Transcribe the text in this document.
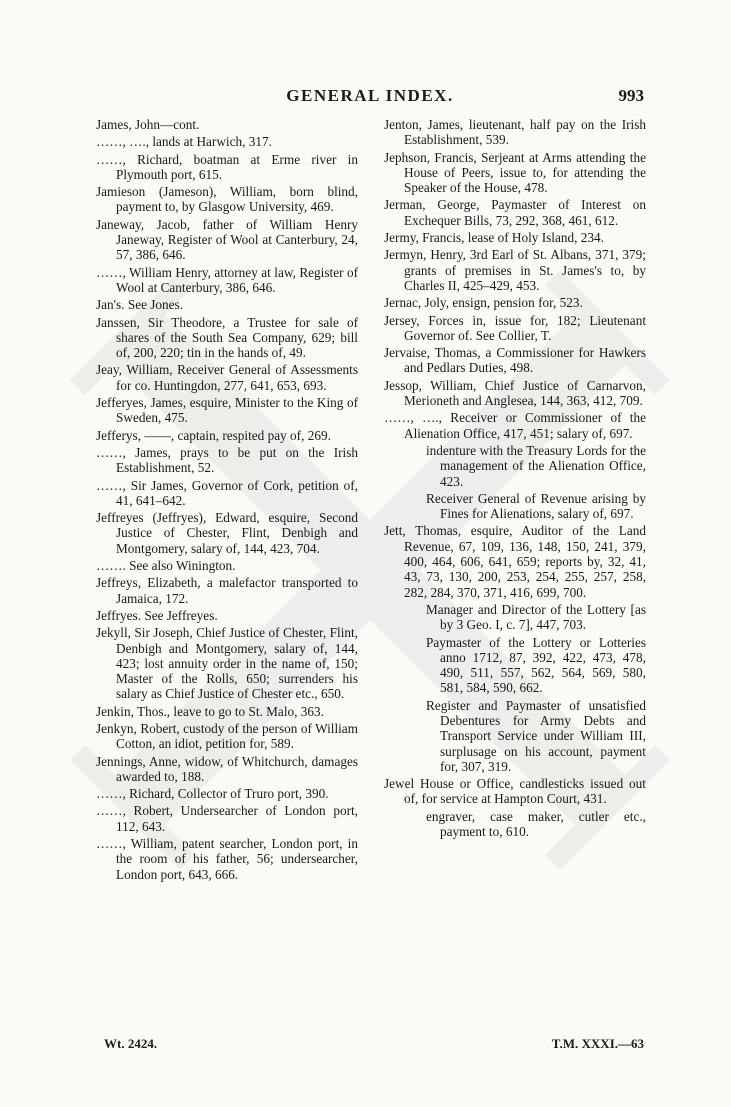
GENERAL INDEX.	993
James, John—cont.
……, …., lands at Harwich, 317.
……, Richard, boatman at Erme river in Plymouth port, 615.
Jamieson (Jameson), William, born blind, payment to, by Glasgow University, 469.
Janeway, Jacob, father of William Henry Janeway, Register of Wool at Canterbury, 24, 57, 386, 646.
……, William Henry, attorney at law, Register of Wool at Canterbury, 386, 646.
Jan's. See Jones.
Janssen, Sir Theodore, a Trustee for sale of shares of the South Sea Company, 629; bill of, 200, 220; tin in the hands of, 49.
Jeay, William, Receiver General of Assessments for co. Huntingdon, 277, 641, 653, 693.
Jefferyes, James, esquire, Minister to the King of Sweden, 475.
Jefferys, ——, captain, respited pay of, 269.
……, James, prays to be put on the Irish Establishment, 52.
……, Sir James, Governor of Cork, petition of, 41, 641–642.
Jeffreyes (Jeffryes), Edward, esquire, Second Justice of Chester, Flint, Denbigh and Montgomery, salary of, 144, 423, 704.
……. See also Winington.
Jeffreys, Elizabeth, a malefactor transported to Jamaica, 172.
Jeffryes. See Jeffreyes.
Jekyll, Sir Joseph, Chief Justice of Chester, Flint, Denbigh and Montgomery, salary of, 144, 423; lost annuity order in the name of, 150; Master of the Rolls, 650; surrenders his salary as Chief Justice of Chester etc., 650.
Jenkin, Thos., leave to go to St. Malo, 363.
Jenkyn, Robert, custody of the person of William Cotton, an idiot, petition for, 589.
Jennings, Anne, widow, of Whitchurch, damages awarded to, 188.
……, Richard, Collector of Truro port, 390.
……, Robert, Undersearcher of London port, 112, 643.
……, William, patent searcher, London port, in the room of his father, 56; undersearcher, London port, 643, 666.
Jenton, James, lieutenant, half pay on the Irish Establishment, 539.
Jephson, Francis, Serjeant at Arms attending the House of Peers, issue to, for attending the Speaker of the House, 478.
Jerman, George, Paymaster of Interest on Exchequer Bills, 73, 292, 368, 461, 612.
Jermy, Francis, lease of Holy Island, 234.
Jermyn, Henry, 3rd Earl of St. Albans, 371, 379; grants of premises in St. James's to, by Charles II, 425–429, 453.
Jernac, Joly, ensign, pension for, 523.
Jersey, Forces in, issue for, 182; Lieutenant Governor of. See Collier, T.
Jervaise, Thomas, a Commissioner for Hawkers and Pedlars Duties, 498.
Jessop, William, Chief Justice of Carnarvon, Merioneth and Anglesea, 144, 363, 412, 709.
……, …., Receiver or Commissioner of the Alienation Office, 417, 451; salary of, 697.
indenture with the Treasury Lords for the management of the Alienation Office, 423.
Receiver General of Revenue arising by Fines for Alienations, salary of, 697.
Jett, Thomas, esquire, Auditor of the Land Revenue, 67, 109, 136, 148, 150, 241, 379, 400, 464, 606, 641, 659; reports by, 32, 41, 43, 73, 130, 200, 253, 254, 255, 257, 258, 282, 284, 370, 371, 416, 699, 700.
Manager and Director of the Lottery [as by 3 Geo. I, c. 7], 447, 703.
Paymaster of the Lottery or Lotteries anno 1712, 87, 392, 422, 473, 478, 490, 511, 557, 562, 564, 569, 580, 581, 584, 590, 662.
Register and Paymaster of unsatisfied Debentures for Army Debts and Transport Service under William III, surplusage on his account, payment for, 307, 319.
Jewel House or Office, candlesticks issued out of, for service at Hampton Court, 431.
engraver, case maker, cutler etc., payment to, 610.
Wt. 2424.	T.M. XXXI.—63
